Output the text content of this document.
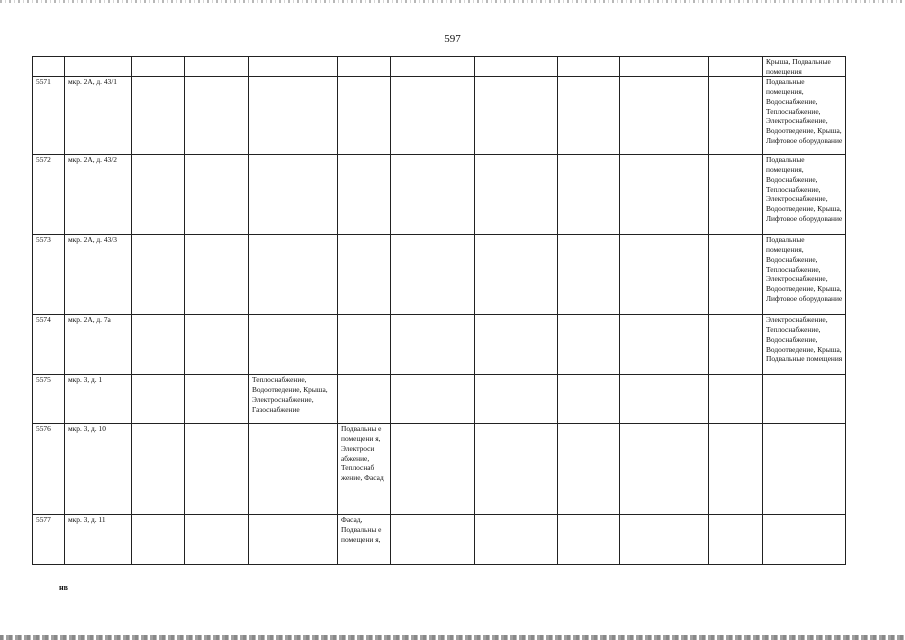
597
											Крыша, Подвальные помещения
5571	мкр. 2А, д. 43/1										Подвальные помещения, Водоснабжение, Теплоснабжение, Электроснабжение, Водоотведение, Крыша, Лифтовое оборудование
5572	мкр. 2А, д. 43/2										Подвальные помещения, Водоснабжение, Теплоснабжение, Электроснабжение, Водоотведение, Крыша, Лифтовое оборудование
5573	мкр. 2А, д. 43/3										Подвальные помещения, Водоснабжение, Теплоснабжение, Электроснабжение, Водоотведение, Крыша, Лифтовое оборудование
5574	мкр. 2А, д. 7а										Электроснабжение, Теплоснабжение, Водоснабжение, Водоотведение, Крыша, Подвальные помещения
5575	мкр. 3, д. 1			Теплоснабжение, Водоотведение, Крыша, Электроснабжение, Газоснабжение							
5576	мкр. 3, д. 10				Подвальны е помещени я, Электроси абжение, Теплоснаб жение, Фасад						
5577	мкр. 3, д. 11				Фасад, Подвальны е помещени я,						
нв
